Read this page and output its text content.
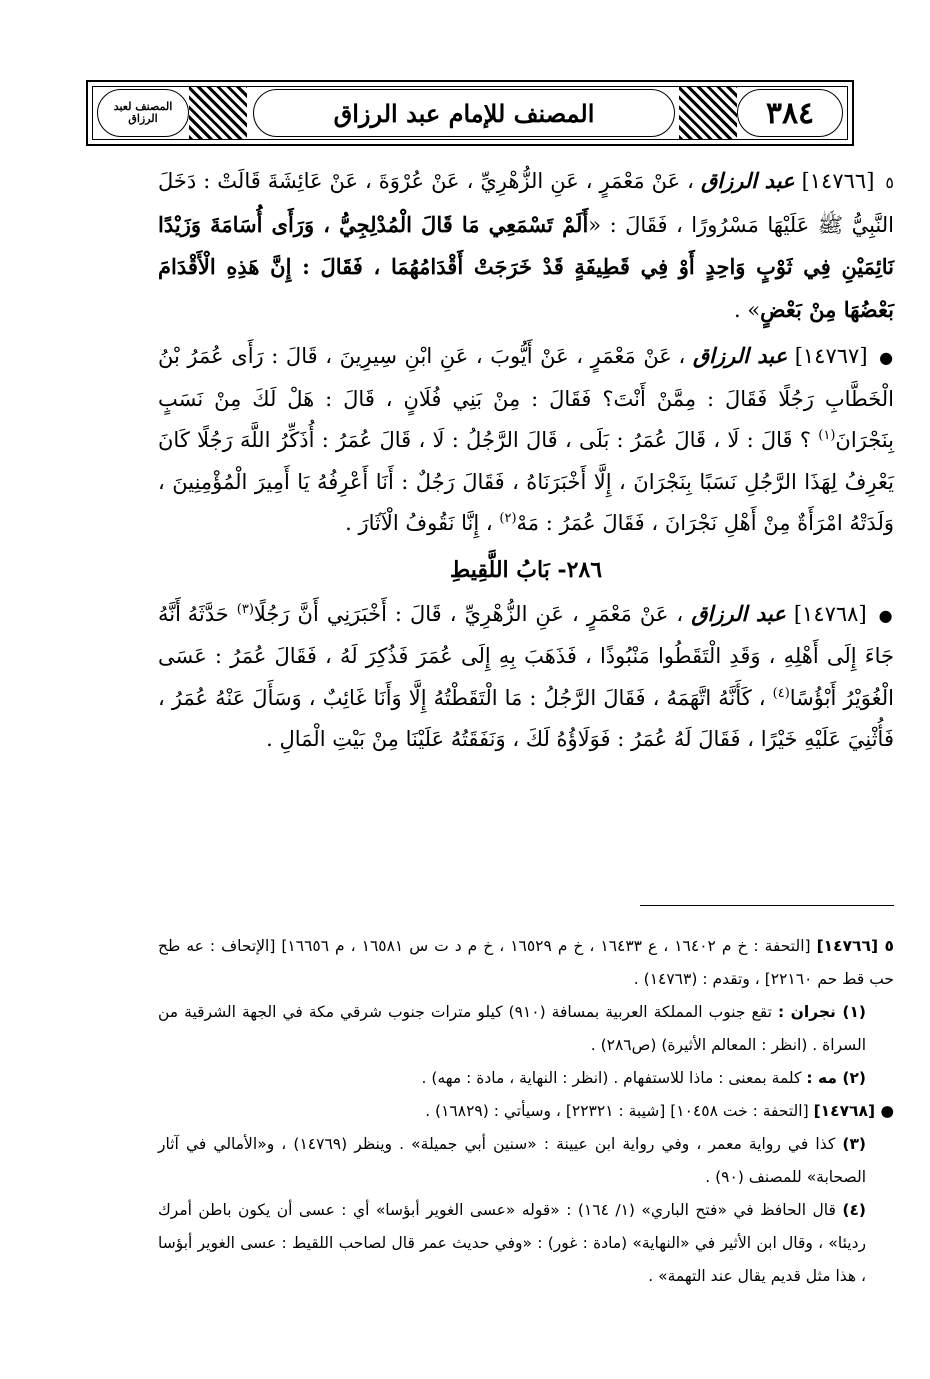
المصنف للإمام عبد الرزاق	٣٨٤
المصنف لعبد الرزاق

٥ [١٤٧٦٦] عبد الرزاق ، عَنْ مَعْمَرٍ ، عَنِ الزُّهْرِيِّ ، عَنْ عُرْوَةَ ، عَنْ عَائِشَةَ قَالَتْ : دَخَلَ النَّبِيُّ ﷺ عَلَيْهَا مَسْرُورًا ، فَقَالَ : «أَلَمْ تَسْمَعِي مَا قَالَ الْمُدْلِجِيُّ ، وَرَأَى أُسَامَةَ وَزَيْدًا نَائِمَيْنِ فِي ثَوْبٍ وَاحِدٍ أَوْ فِي قَطِيفَةٍ قَدْ خَرَجَتْ أَقْدَامُهُمَا ، فَقَالَ : إِنَّ هَذِهِ الْأَقْدَامَ بَعْضُهَا مِنْ بَعْضٍ» .

● [١٤٧٦٧] عبد الرزاق ، عَنْ مَعْمَرٍ ، عَنْ أَيُّوبَ ، عَنِ ابْنِ سِيرِينَ ، قَالَ : رَأَى عُمَرُ بْنُ الْخَطَّابِ رَجُلًا فَقَالَ : مِمَّنْ أَنْتَ؟ فَقَالَ : مِنْ بَنِي فُلَانٍ ، قَالَ : هَلْ لَكَ مِنْ نَسَبٍ بِنَجْرَانَ$^{(١)}$ ؟ قَالَ : لَا ، قَالَ عُمَرُ : بَلَى ، قَالَ الرَّجُلُ : لَا ، قَالَ عُمَرُ : أُذَكِّرُ اللَّهَ رَجُلًا كَانَ يَعْرِفُ لِهَذَا الرَّجُلِ نَسَبًا بِنَجْرَانَ ، إِلَّا أَخْبَرَنَاهُ ، فَقَالَ رَجُلٌ : أَنَا أَعْرِفُهُ يَا أَمِيرَ الْمُؤْمِنِينَ ، وَلَدَتْهُ امْرَأَةٌ مِنْ أَهْلِ نَجْرَانَ ، فَقَالَ عُمَرُ : مَهْ$^{(٢)}$ ، إِنَّا نَقُوفُ الْآثَارَ .

٢٨٦- بَابُ اللَّقِيطِ

● [١٤٧٦٨] عبد الرزاق ، عَنْ مَعْمَرٍ ، عَنِ الزُّهْرِيِّ ، قَالَ : أَخْبَرَنِي أَنَّ رَجُلًا$^{(٣)}$ حَدَّثَهُ أَنَّهُ جَاءَ إِلَى أَهْلِهِ ، وَقَدِ الْتَقَطُوا مَنْبُوذًا ، فَذَهَبَ بِهِ إِلَى عُمَرَ فَذُكِرَ لَهُ ، فَقَالَ عُمَرُ : عَسَى الْغُوَيْرُ أَبْؤُسًا$^{(٤)}$ ، كَأَنَّهُ اتَّهَمَهُ ، فَقَالَ الرَّجُلُ : مَا الْتَقَطْتُهُ إِلَّا وَأَنَا غَائِبٌ ، وَسَأَلَ عَنْهُ عُمَرُ ، فَأُثْنِيَ عَلَيْهِ خَيْرًا ، فَقَالَ لَهُ عُمَرُ : فَوَلَاؤُهُ لَكَ ، وَنَفَقَتُهُ عَلَيْنَا مِنْ بَيْتِ الْمَالِ .

٥ [١٤٧٦٦] [التحفة : خ م ١٦٤٠٢ ، ع ١٦٤٣٣ ، خ م ١٦٥٢٩ ، خ م د ت س ١٦٥٨١ ، م ١٦٦٥٦] [الإتحاف : عه طح حب قط حم ٢٢١٦٠] ، وتقدم : (١٤٧٦٣) .

(١) نجران : تقع جنوب المملكة العربية بمسافة (٩١٠) كيلو مترات جنوب شرقي مكة في الجهة الشرقية من السراة . (انظر : المعالم الأثيرة) (ص٢٨٦) .

(٢) مه : كلمة بمعنى : ماذا للاستفهام . (انظر : النهاية ، مادة : مهه) .

● [١٤٧٦٨] [التحفة : خت ١٠٤٥٨] [شيبة : ٢٢٣٢١] ، وسيأتي : (١٦٨٢٩) .

(٣) كذا في رواية معمر ، وفي رواية ابن عيينة : «سنين أبي جميلة» . وينظر (١٤٧٦٩) ، و«الأمالي في آثار الصحابة» للمصنف (٩٠) .

(٤) قال الحافظ في «فتح الباري» (١/ ١٦٤) : «قوله «عسى الغوير أبؤسا» أي : عسى أن يكون باطن أمرك رديئا» ، وقال ابن الأثير في «النهاية» (مادة : غور) : «وفي حديث عمر قال لصاحب اللقيط : عسى الغوير أبؤسا ، هذا مثل قديم يقال عند التهمة» .
